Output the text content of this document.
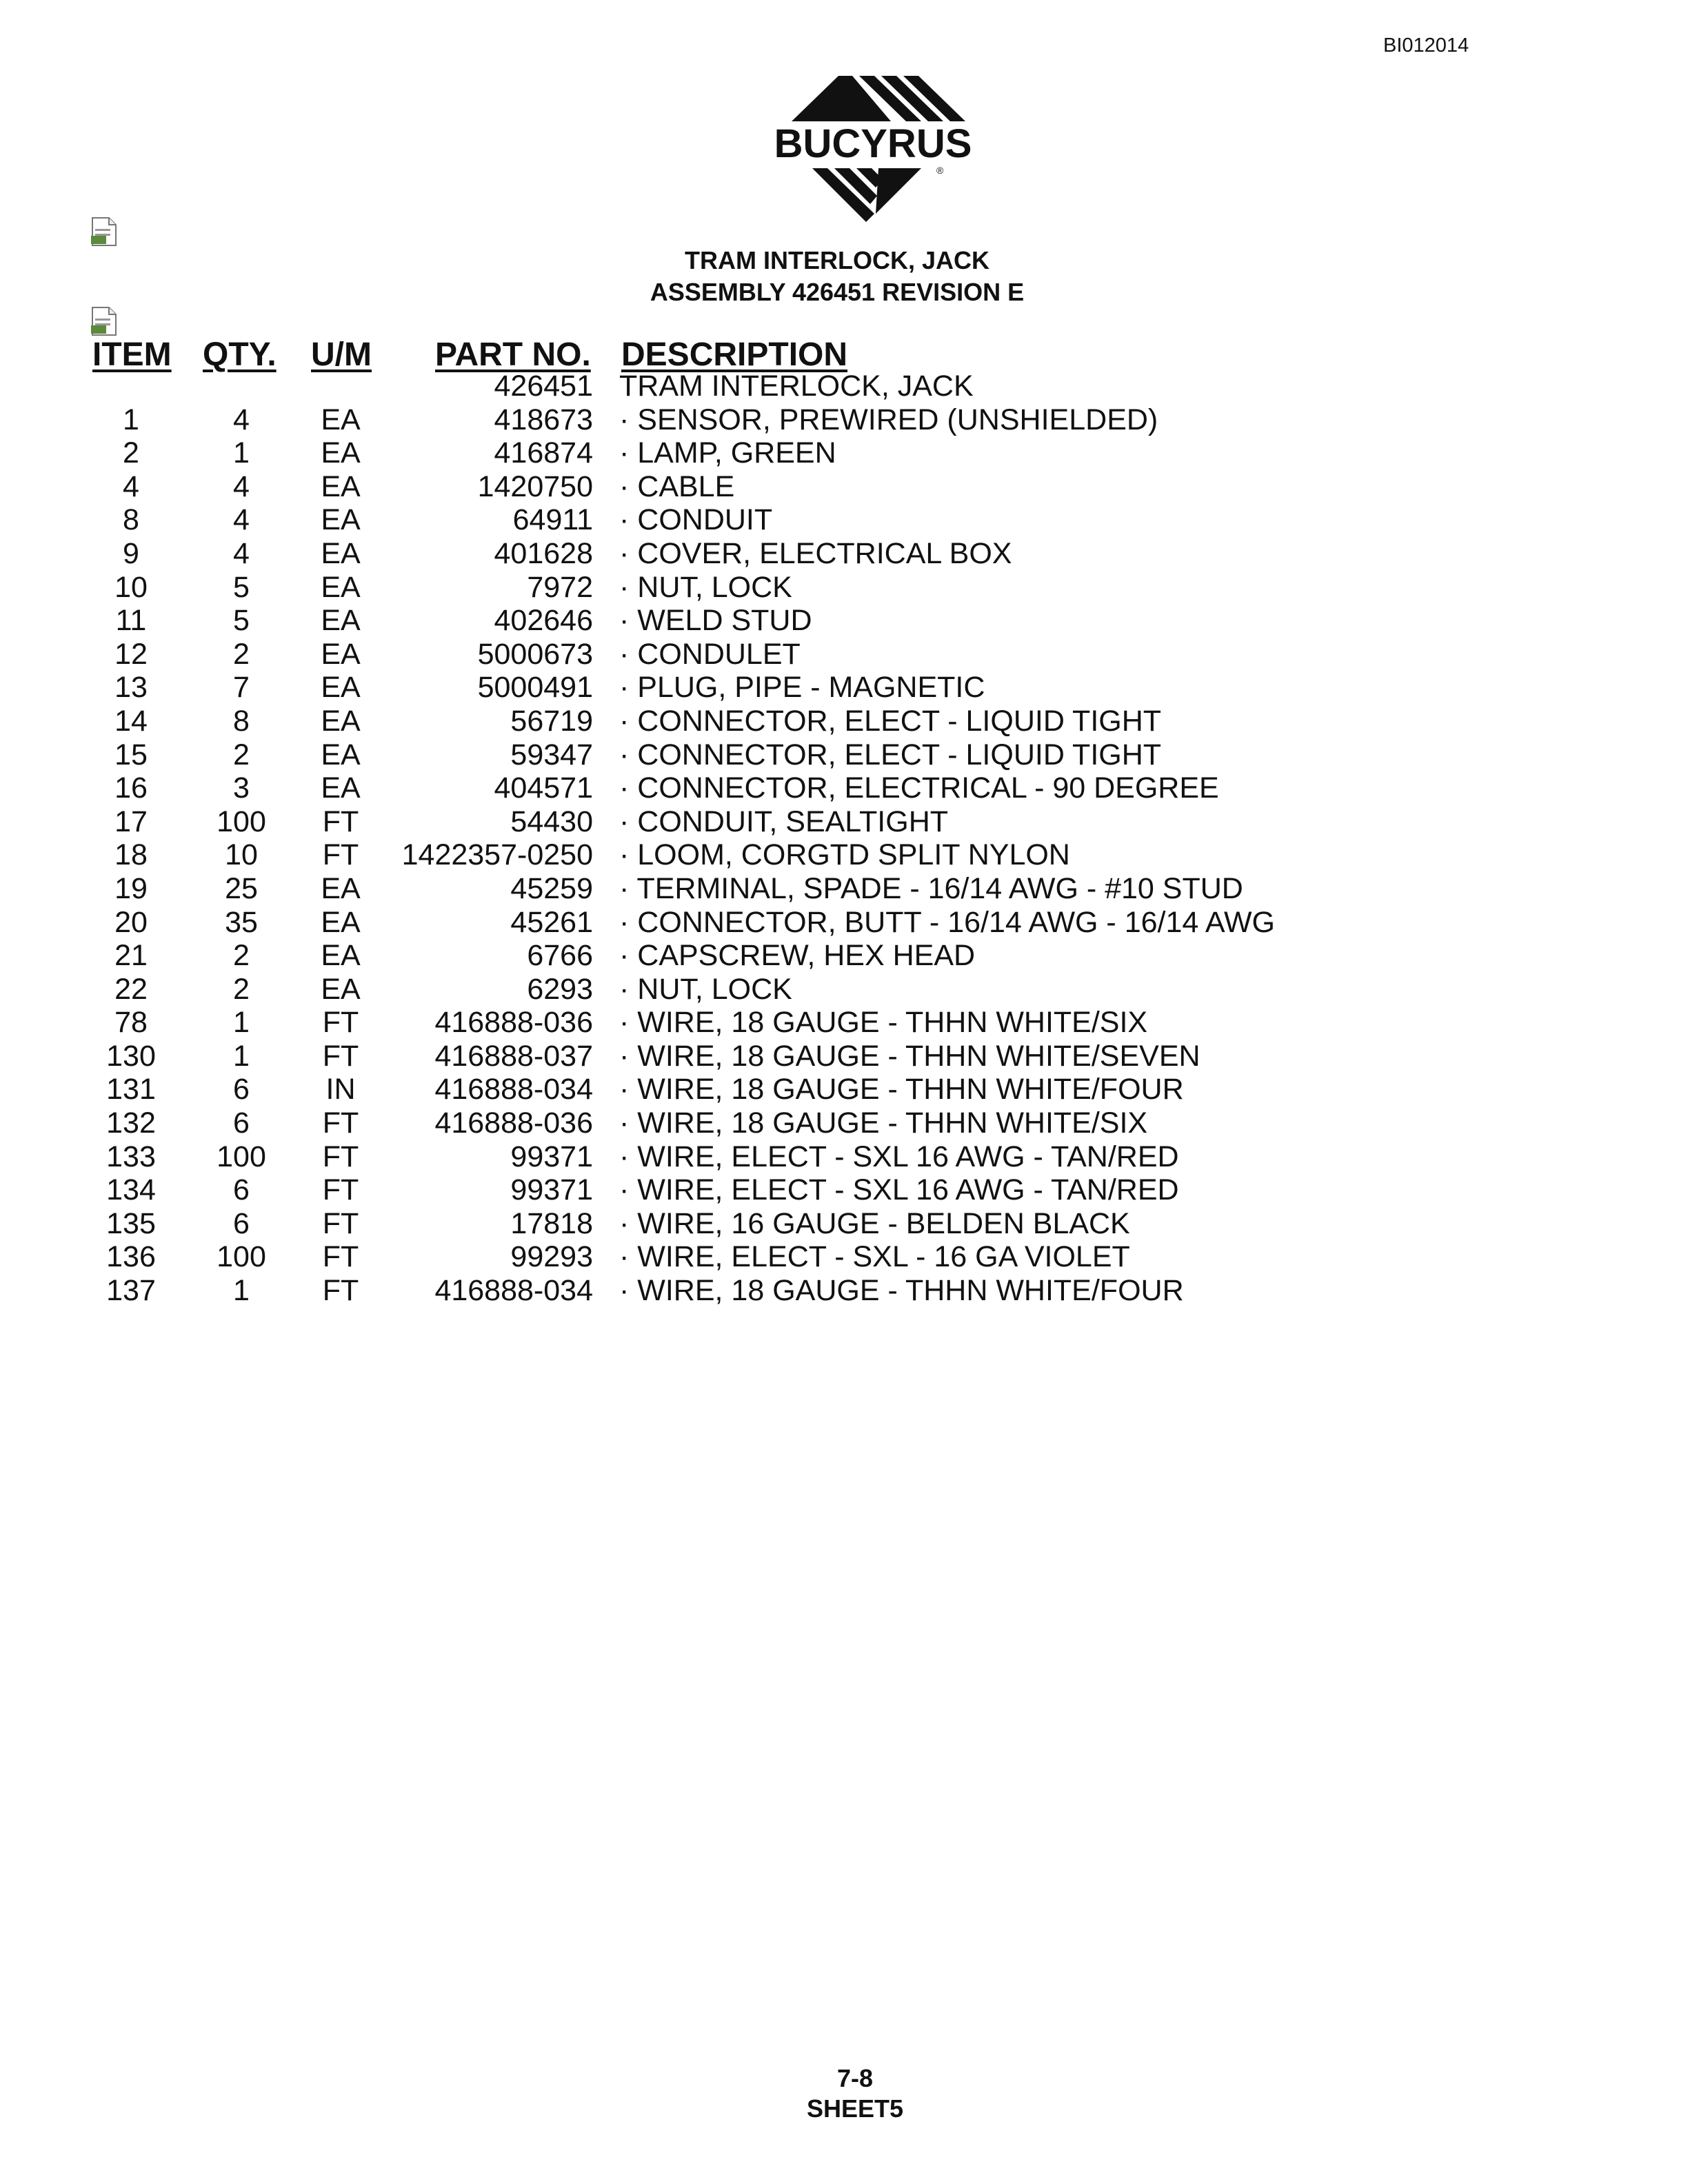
BI012014
BUCYRUS
®
TRAM INTERLOCK, JACK
ASSEMBLY 426451 REVISION E
ITEM QTY. U/M PART NO. DESCRIPTION
426451 TRAM INTERLOCK, JACK
1	4	EA	418673 · SENSOR, PREWIRED (UNSHIELDED)
2	1	EA	416874 · LAMP, GREEN
4	4	EA	1420750 · CABLE
8	4	EA	64911 · CONDUIT
9	4	EA	401628 · COVER, ELECTRICAL BOX
10	5	EA	7972 · NUT, LOCK
11	5	EA	402646 · WELD STUD
12	2	EA	5000673 · CONDULET
13	7	EA	5000491 · PLUG, PIPE - MAGNETIC
14	8	EA	56719 · CONNECTOR, ELECT - LIQUID TIGHT
15	2	EA	59347 · CONNECTOR, ELECT - LIQUID TIGHT
16	3	EA	404571 · CONNECTOR, ELECTRICAL - 90 DEGREE
17	100	FT	54430 · CONDUIT, SEALTIGHT
18	10	FT	1422357-0250 · LOOM, CORGTD SPLIT NYLON
19	25	EA	45259 · TERMINAL, SPADE - 16/14 AWG - #10 STUD
20	35	EA	45261 · CONNECTOR, BUTT - 16/14 AWG - 16/14 AWG
21	2	EA	6766 · CAPSCREW, HEX HEAD
22	2	EA	6293 · NUT, LOCK
78	1	FT	416888-036 · WIRE, 18 GAUGE - THHN WHITE/SIX
130	1	FT	416888-037 · WIRE, 18 GAUGE - THHN WHITE/SEVEN
131	6	IN	416888-034 · WIRE, 18 GAUGE - THHN WHITE/FOUR
132	6	FT	416888-036 · WIRE, 18 GAUGE - THHN WHITE/SIX
133	100	FT	99371 · WIRE, ELECT - SXL 16 AWG - TAN/RED
134	6	FT	99371 · WIRE, ELECT - SXL 16 AWG - TAN/RED
135	6	FT	17818 · WIRE, 16 GAUGE - BELDEN BLACK
136	100	FT	99293 · WIRE, ELECT - SXL - 16 GA VIOLET
137	1	FT	416888-034 · WIRE, 18 GAUGE - THHN WHITE/FOUR
7-8
SHEET5
